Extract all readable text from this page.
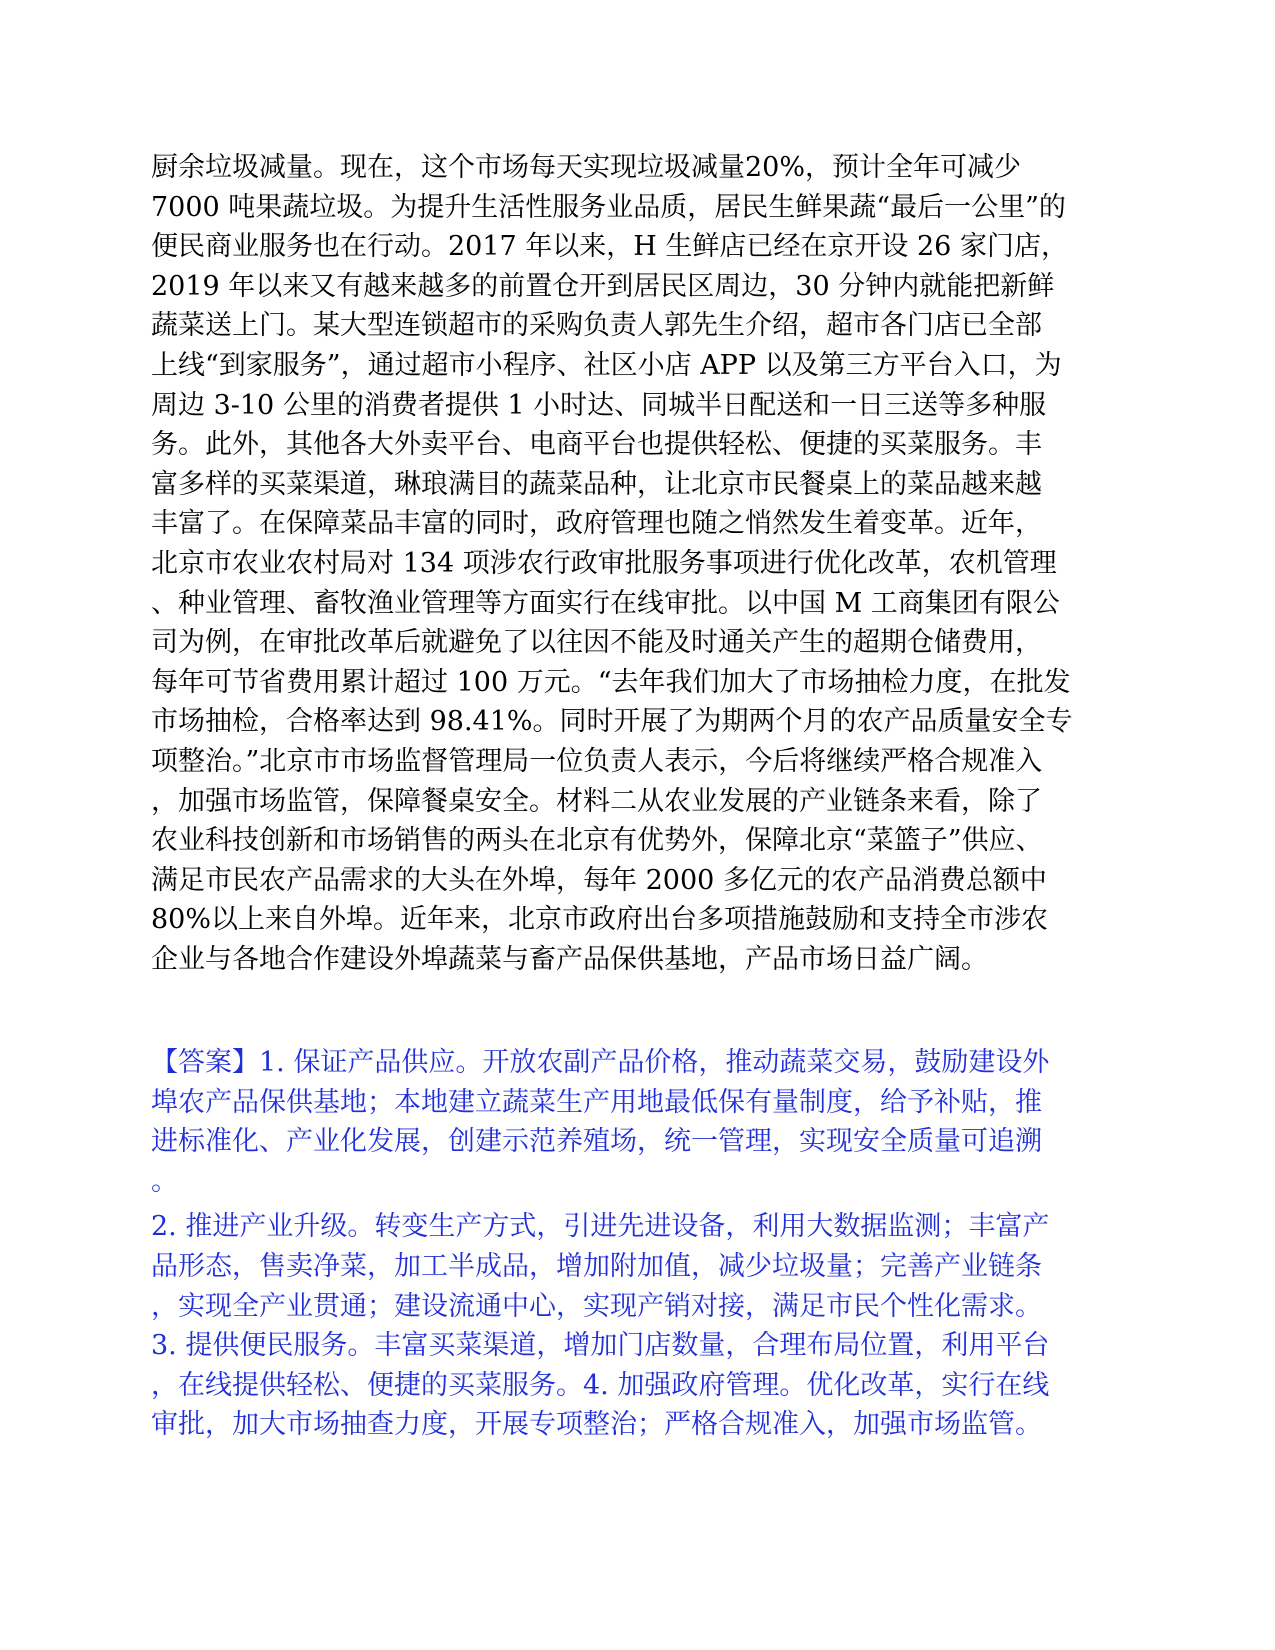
厨余垃圾减量。现在，这个市场每天实现垃圾减量20%，预计全年可减少
7000 吨果蔬垃圾。为提升生活性服务业品质，居民生鲜果蔬“最后一公里”的
便民商业服务也在行动。2017 年以来，H 生鲜店已经在京开设 26 家门店，
2019 年以来又有越来越多的前置仓开到居民区周边，30 分钟内就能把新鲜
蔬菜送上门。某大型连锁超市的采购负责人郭先生介绍，超市各门店已全部
上线“到家服务”，通过超市小程序、社区小店 APP 以及第三方平台入口，为
周边 3-10 公里的消费者提供 1 小时达、同城半日配送和一日三送等多种服
务。此外，其他各大外卖平台、电商平台也提供轻松、便捷的买菜服务。丰
富多样的买菜渠道，琳琅满目的蔬菜品种，让北京市民餐桌上的菜品越来越
丰富了。在保障菜品丰富的同时，政府管理也随之悄然发生着变革。近年，
北京市农业农村局对 134 项涉农行政审批服务事项进行优化改革，农机管理
、种业管理、畜牧渔业管理等方面实行在线审批。以中国 M 工商集团有限公
司为例，在审批改革后就避免了以往因不能及时通关产生的超期仓储费用，
每年可节省费用累计超过 100 万元。“去年我们加大了市场抽检力度，在批发
市场抽检，合格率达到 98.41%。同时开展了为期两个月的农产品质量安全专
项整治。”北京市市场监督管理局一位负责人表示，今后将继续严格合规准入
，加强市场监管，保障餐桌安全。材料二从农业发展的产业链条来看，除了
农业科技创新和市场销售的两头在北京有优势外，保障北京“菜篮子”供应、
满足市民农产品需求的大头在外埠，每年 2000 多亿元的农产品消费总额中
80%以上来自外埠。近年来，北京市政府出台多项措施鼓励和支持全市涉农
企业与各地合作建设外埠蔬菜与畜产品保供基地，产品市场日益广阔。
【答案】1. 保证产品供应。开放农副产品价格，推动蔬菜交易，鼓励建设外
埠农产品保供基地；本地建立蔬菜生产用地最低保有量制度，给予补贴，推
进标准化、产业化发展，创建示范养殖场，统一管理，实现安全质量可追溯
。
2. 推进产业升级。转变生产方式，引进先进设备，利用大数据监测；丰富产
品形态，售卖净菜，加工半成品，增加附加值，减少垃圾量；完善产业链条
，实现全产业贯通；建设流通中心，实现产销对接，满足市民个性化需求。
3. 提供便民服务。丰富买菜渠道，增加门店数量，合理布局位置，利用平台
，在线提供轻松、便捷的买菜服务。4. 加强政府管理。优化改革，实行在线
审批，加大市场抽查力度，开展专项整治；严格合规准入，加强市场监管。
